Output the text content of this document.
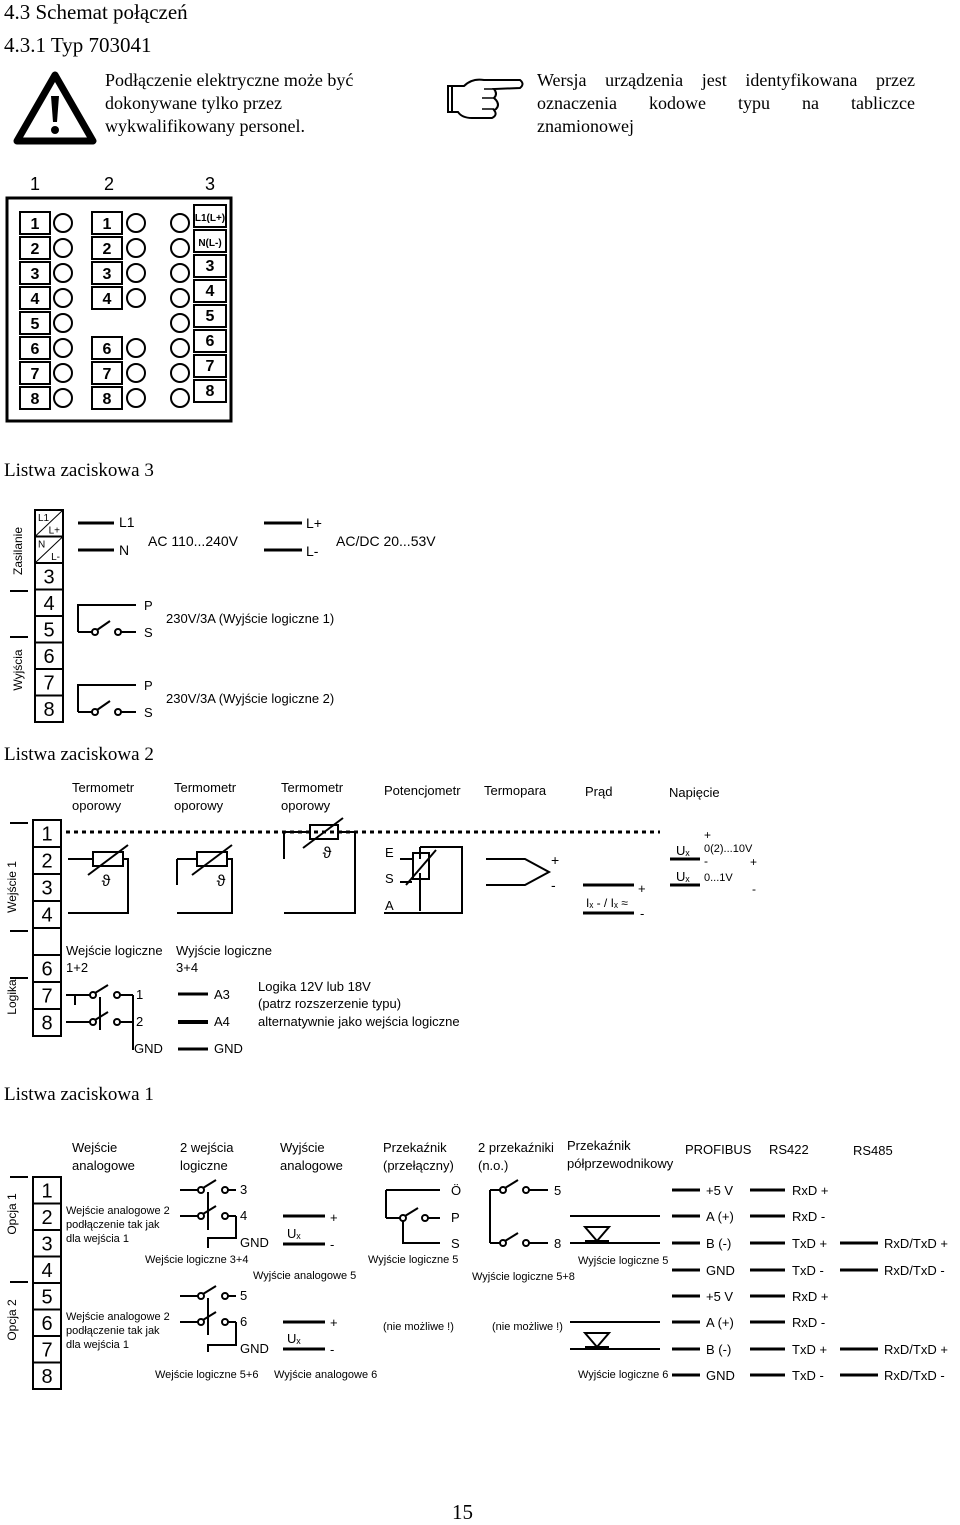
4.3 Schemat połączeń
4.3.1 Typ 703041
Podłączenie elektryczne może być
dokonywane tylko przez
wykwalifikowany personel.
Wersja urządzenia jest identyfikowana przez
oznaczenia kodowe typu na tabliczce
znamionowej
1	2	3
1
2
3
4
5
6
7
8
1
2
3
4
6
7
8
L1(L+)
N(L-)
3
4
5
6
7
8
Listwa zaciskowa 3
L1
L+
N
L-
3
4
5
6
7
8
Zasilanie
Wyjścia
L1
N
AC 110...240V
L+
L-
AC/DC 20...53V
P
S
230V/3A (Wyjście logiczne 1)
P
S
230V/3A (Wyjście logiczne 2)
Listwa zaciskowa 2
1
2
3
4
6
7
8
Wejście 1
Logika
Termometr
oporowy
Termometr
oporowy
Termometr
oporowy
Potencjometr Termopara	Prąd	Napięcie
ϑ	ϑ
ϑ	E
S
A
+
-	+
-
Iₓ - / Iₓ ≈
Uₓ
Uₓ
+
-
0(2)...10V
+
0...1V
-
Wejście logiczne
1+2
Wyjście logiczne
3+4
1
2
GND
A3
A4
GND
Logika 12V lub 18V
(patrz rozszerzenie typu)
alternatywnie jako wejścia logiczne
Listwa zaciskowa 1
1
2
3
4
5
6
7
8
Opcja 1
Opcja 2
Wejście
analogowe
2 wejścia
logiczne
Wyjście
analogowe
Przekaźnik
(przełączny)
2 przekaźniki
(n.o.)
Przekaźnik
półprzewodnikowy
PROFIBUS RS422	RS485
Wejście analogowe 2
podłączenie tak jak
dla wejścia 1
Wejście analogowe 2
podłączenie tak jak
dla wejścia 1
3
4
GND
5
6
GND
Wejście logiczne 3+4
Wejście logiczne 5+6
Uₓ
+
-
Wyjście analogowe 5
Uₓ
+
-
Wyjście analogowe 6
Ö
P
S
Wyjście logiczne 5
(nie możliwe !)
5
8
Wyjście logiczne 5+8
(nie możliwe !)
Wyjście logiczne 5
Wyjście logiczne 6
+5 V	RxD +
A (+)	RxD -
B (-)	TxD +	RxD/TxD +
GND	TxD -	RxD/TxD -
+5 V	RxD +
A (+)	RxD -
B (-)	TxD +	RxD/TxD +
GND	TxD -	RxD/TxD -
15
